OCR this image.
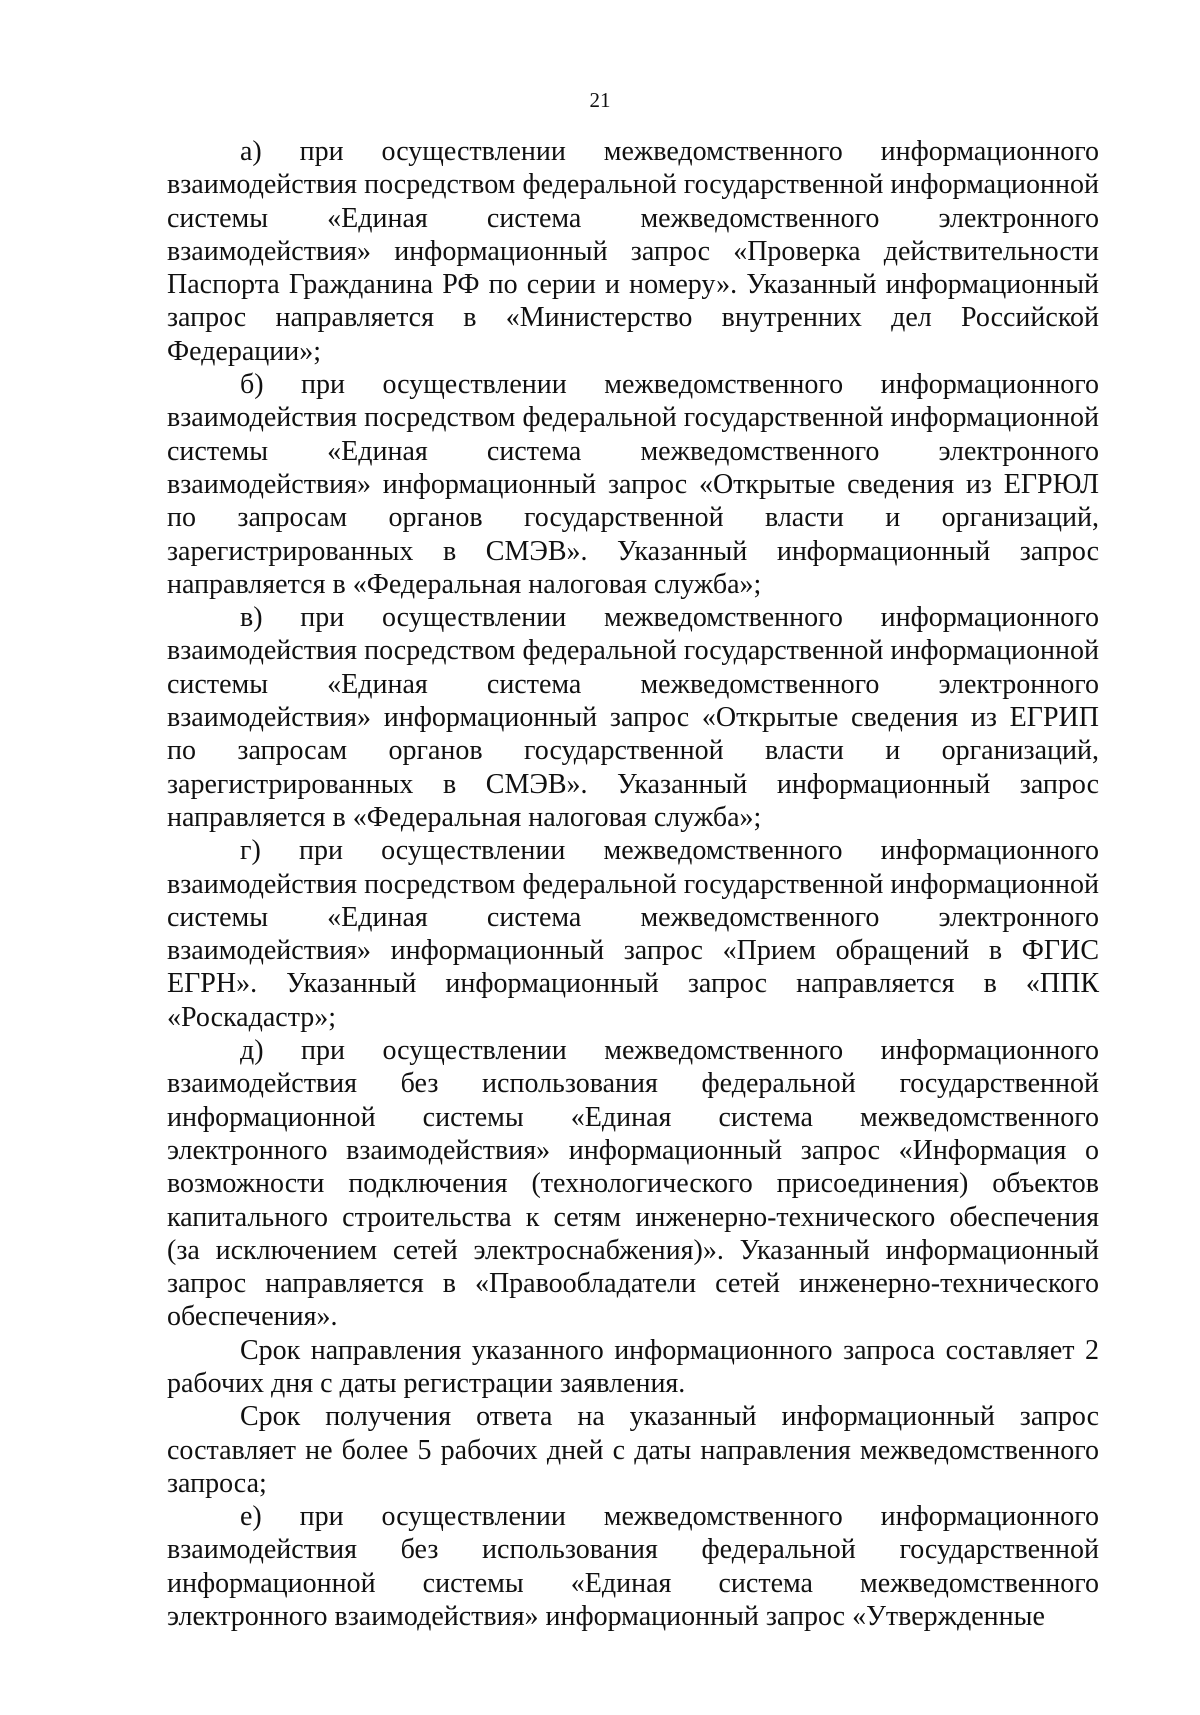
21

а) при осуществлении межведомственного информационного взаимодействия посредством федеральной государственной информационной системы «Единая система межведомственного электронного взаимодействия» информационный запрос «Проверка действительности Паспорта Гражданина РФ по серии и номеру». Указанный информационный запрос направляется в «Министерство внутренних дел Российской Федерации»;

б) при осуществлении межведомственного информационного взаимодействия посредством федеральной государственной информационной системы «Единая система межведомственного электронного взаимодействия» информационный запрос «Открытые сведения из ЕГРЮЛ по запросам органов государственной власти и организаций, зарегистрированных в СМЭВ». Указанный информационный запрос направляется в «Федеральная налоговая служба»;

в) при осуществлении межведомственного информационного взаимодействия посредством федеральной государственной информационной системы «Единая система межведомственного электронного взаимодействия» информационный запрос «Открытые сведения из ЕГРИП по запросам органов государственной власти и организаций, зарегистрированных в СМЭВ». Указанный информационный запрос направляется в «Федеральная налоговая служба»;

г) при осуществлении межведомственного информационного взаимодействия посредством федеральной государственной информационной системы «Единая система межведомственного электронного взаимодействия» информационный запрос «Прием обращений в ФГИС ЕГРН». Указанный информационный запрос направляется в «ППК «Роскадастр»;

д) при осуществлении межведомственного информационного взаимодействия без использования федеральной государственной информационной системы «Единая система межведомственного электронного взаимодействия» информационный запрос «Информация о возможности подключения (технологического присоединения) объектов капитального строительства к сетям инженерно-технического обеспечения (за исключением сетей электроснабжения)». Указанный информационный запрос направляется в «Правообладатели сетей инженерно-технического обеспечения».

Срок направления указанного информационного запроса составляет 2 рабочих дня с даты регистрации заявления.

Срок получения ответа на указанный информационный запрос составляет не более 5 рабочих дней с даты направления межведомственного запроса;

е) при осуществлении межведомственного информационного взаимодействия без использования федеральной государственной информационной системы «Единая система межведомственного электронного взаимодействия» информационный запрос «Утвержденные
